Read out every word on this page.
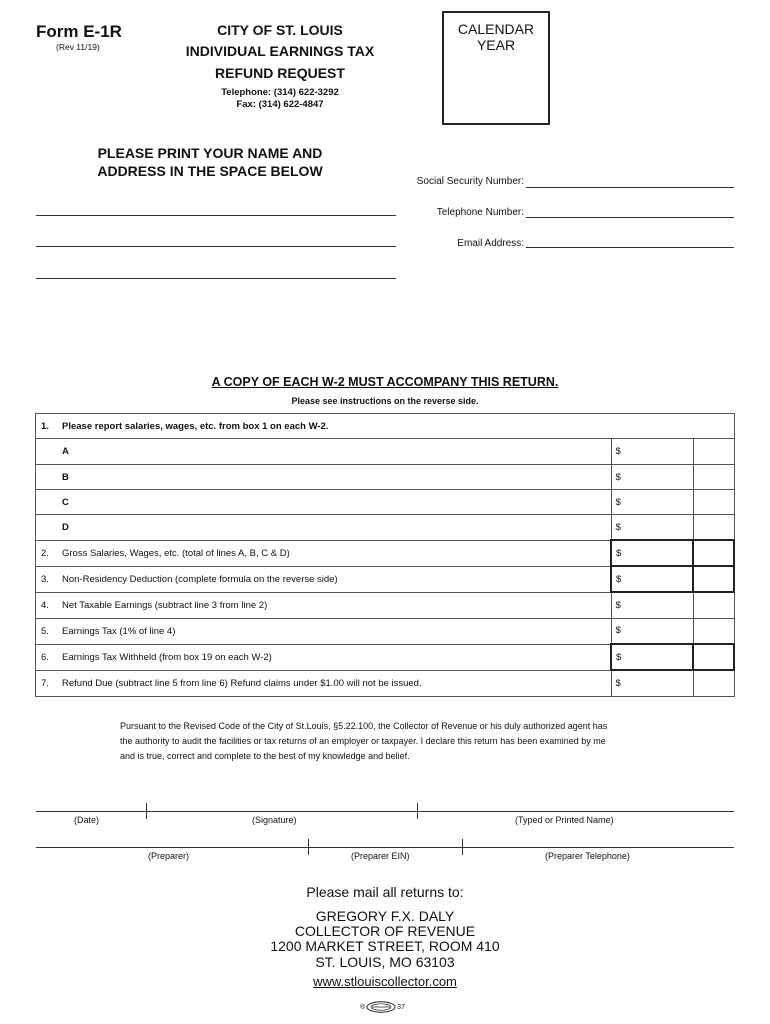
Form E-1R
(Rev 11/19)
CITY OF ST. LOUIS
INDIVIDUAL EARNINGS TAX
REFUND REQUEST
Telephone: (314) 622-3292
Fax: (314) 622-4847
CALENDAR
YEAR
PLEASE PRINT YOUR NAME AND
ADDRESS IN THE SPACE BELOW
Social Security Number:
Telephone Number:
Email Address:
A COPY OF EACH W-2 MUST ACCOMPANY THIS RETURN.
Please see instructions on the reverse side.
1.	Please report salaries, wages, etc. from box 1 on each W-2.		
	A	$	
	B	$	
	C	$	
	D	$	
2.	Gross Salaries, Wages, etc. (total of lines A, B, C & D)	$	
3.	Non-Residency Deduction (complete formula on the reverse side)	$	
4.	Net Taxable Earnings (subtract line 3 from line 2)	$	
5.	Earnings Tax (1% of line 4)	$	
6.	Earnings Tax Withheld (from box 19 on each W-2)	$	
7.	Refund Due (subtract line 5 from line 6) Refund claims under $1.00 will not be issued.	$	
Pursuant to the Revised Code of the City of St.Louis, §5.22.100, the Collector of Revenue or his duly authorized agent has
the authority to audit the facilities or tax returns of an employer or taxpayer. I declare this return has been examined by me
and is true, correct and complete to the best of my knowledge and belief.
(Date)	(Signature)	(Typed or Printed Name)
(Preparer)	(Preparer EIN)	(Preparer Telephone)
Please mail all returns to:
GREGORY F.X. DALY
COLLECTOR OF REVENUE
1200 MARKET STREET, ROOM 410
ST. LOUIS, MO 63103
www.stlouiscollector.com
®	37
